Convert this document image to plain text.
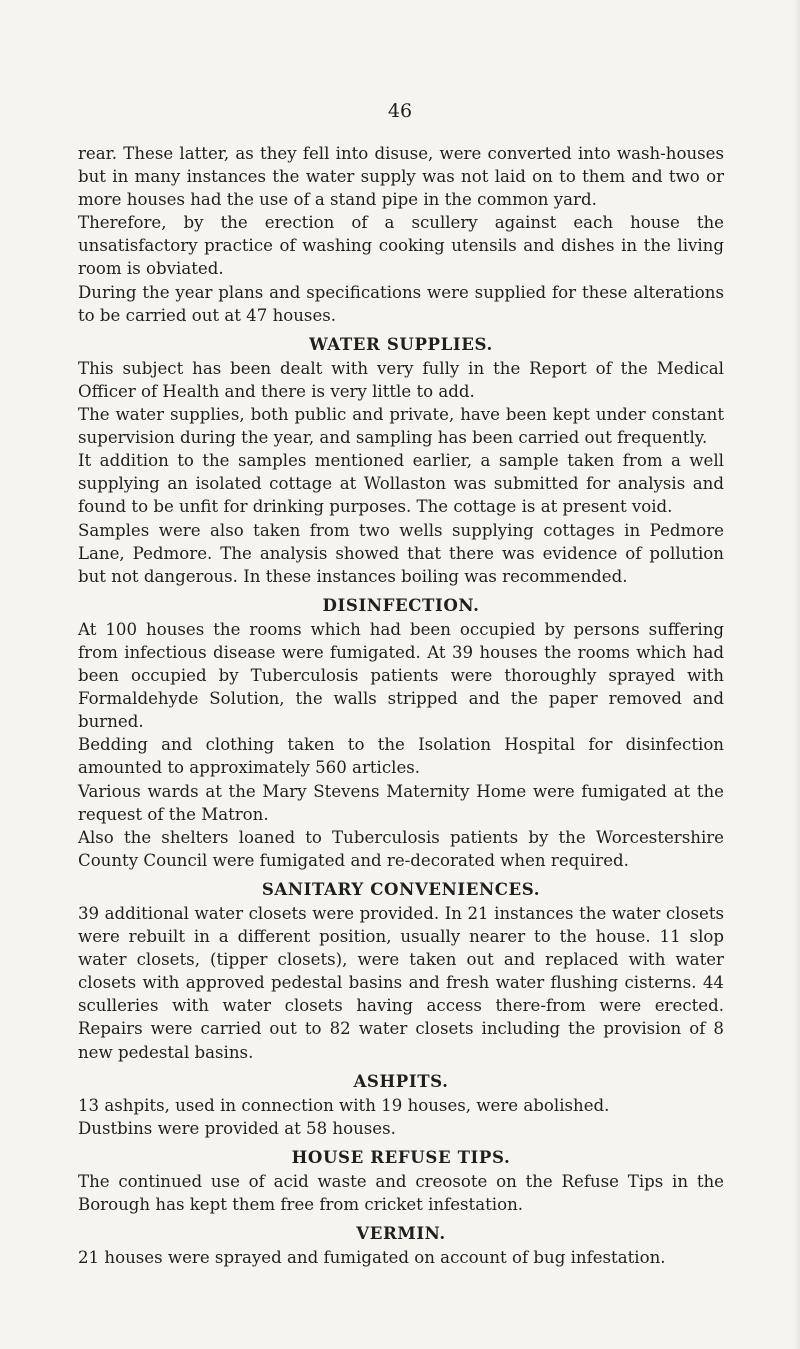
46

rear. These latter, as they fell into disuse, were converted into wash-houses but in many instances the water supply was not laid on to them and two or more houses had the use of a stand pipe in the common yard.

Therefore, by the erection of a scullery against each house the unsatisfactory practice of washing cooking utensils and dishes in the living room is obviated.

During the year plans and specifications were supplied for these alterations to be carried out at 47 houses.

WATER SUPPLIES.

This subject has been dealt with very fully in the Report of the Medical Officer of Health and there is very little to add.

The water supplies, both public and private, have been kept under constant supervision during the year, and sampling has been carried out frequently.

It addition to the samples mentioned earlier, a sample taken from a well supplying an isolated cottage at Wollaston was submitted for analysis and found to be unfit for drinking purposes. The cottage is at present void.

Samples were also taken from two wells supplying cottages in Pedmore Lane, Pedmore. The analysis showed that there was evidence of pollution but not dangerous. In these instances boiling was recommended.

DISINFECTION.

At 100 houses the rooms which had been occupied by persons suffering from infectious disease were fumigated. At 39 houses the rooms which had been occupied by Tuberculosis patients were thoroughly sprayed with Formaldehyde Solution, the walls stripped and the paper removed and burned.

Bedding and clothing taken to the Isolation Hospital for disinfection amounted to approximately 560 articles.

Various wards at the Mary Stevens Maternity Home were fumigated at the request of the Matron.

Also the shelters loaned to Tuberculosis patients by the Worcestershire County Council were fumigated and re-decorated when required.

SANITARY CONVENIENCES.

39 additional water closets were provided. In 21 instances the water closets were rebuilt in a different position, usually nearer to the house. 11 slop water closets, (tipper closets), were taken out and replaced with water closets with approved pedestal basins and fresh water flushing cisterns. 44 sculleries with water closets having access there-from were erected. Repairs were carried out to 82 water closets including the provision of 8 new pedestal basins.

ASHPITS.

13 ashpits, used in connection with 19 houses, were abolished.

Dustbins were provided at 58 houses.

HOUSE REFUSE TIPS.

The continued use of acid waste and creosote on the Refuse Tips in the Borough has kept them free from cricket infestation.

VERMIN.

21 houses were sprayed and fumigated on account of bug infestation.
